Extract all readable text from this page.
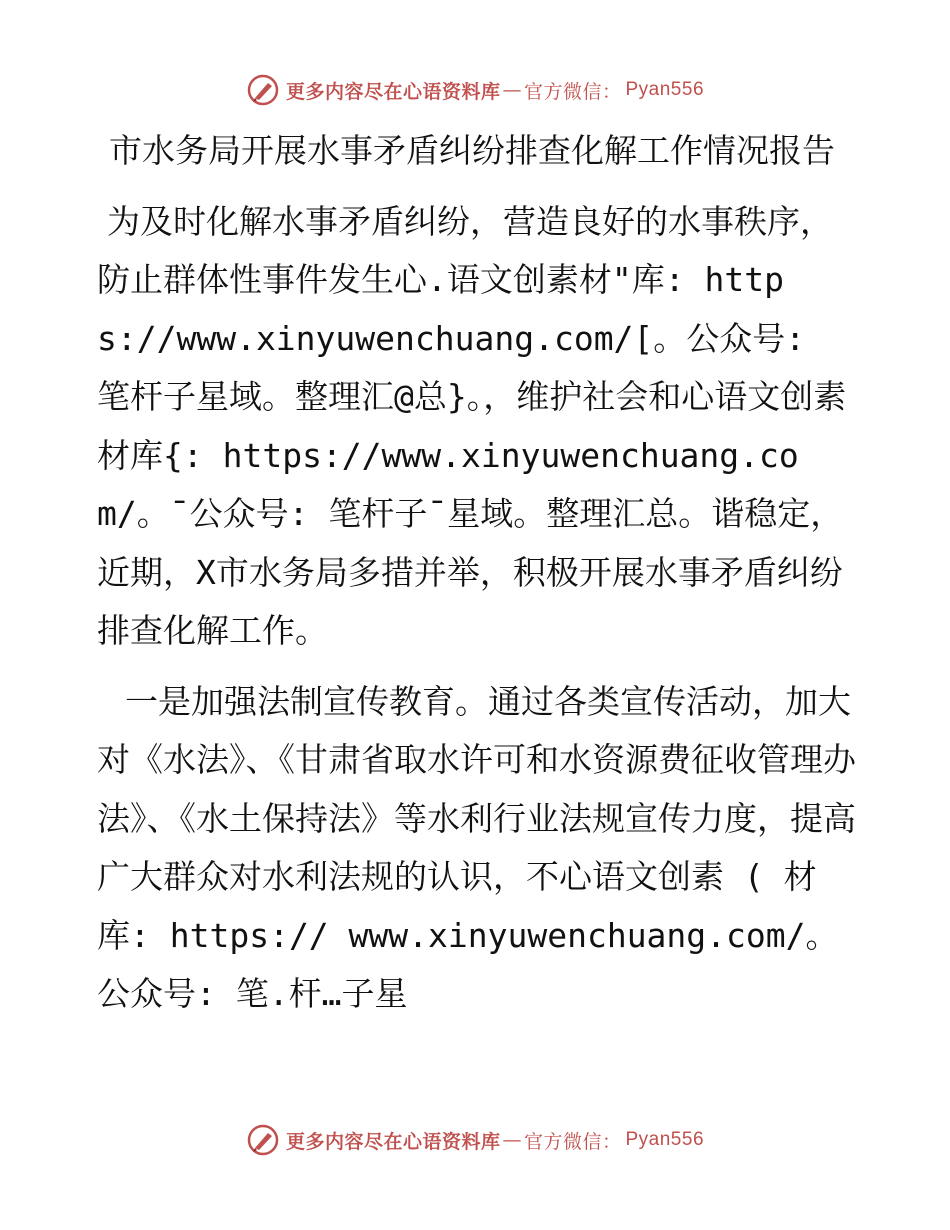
更多内容尽在心语资料库 — 官方微信： Pyan556

市水务局开展水事矛盾纠纷排查化解工作情况报告

为及时化解水事矛盾纠纷，营造良好的水事秩序，防止群体性事件发生心.语文创素材"库: https://www.xinyuwenchuang.com/[。公众号: 笔杆子星域。整理汇@总}。，维护社会和心语文创素材库{: https://www.xinyuwenchuang.com/。¯公众号: 笔杆子¯星域。整理汇总。谐稳定，近期，X市水务局多措并举，积极开展水事矛盾纠纷排查化解工作。

一是加强法制宣传教育。通过各类宣传活动，加大对《水法》、《甘肃省取水许可和水资源费征收管理办法》、《水土保持法》等水利行业法规宣传力度，提高广大群众对水利法规的认识，不心语文创素 ( 材库: https:// www.xinyuwenchuang.com/。公众号: 笔.杆…子星

更多内容尽在心语资料库 — 官方微信： Pyan556
